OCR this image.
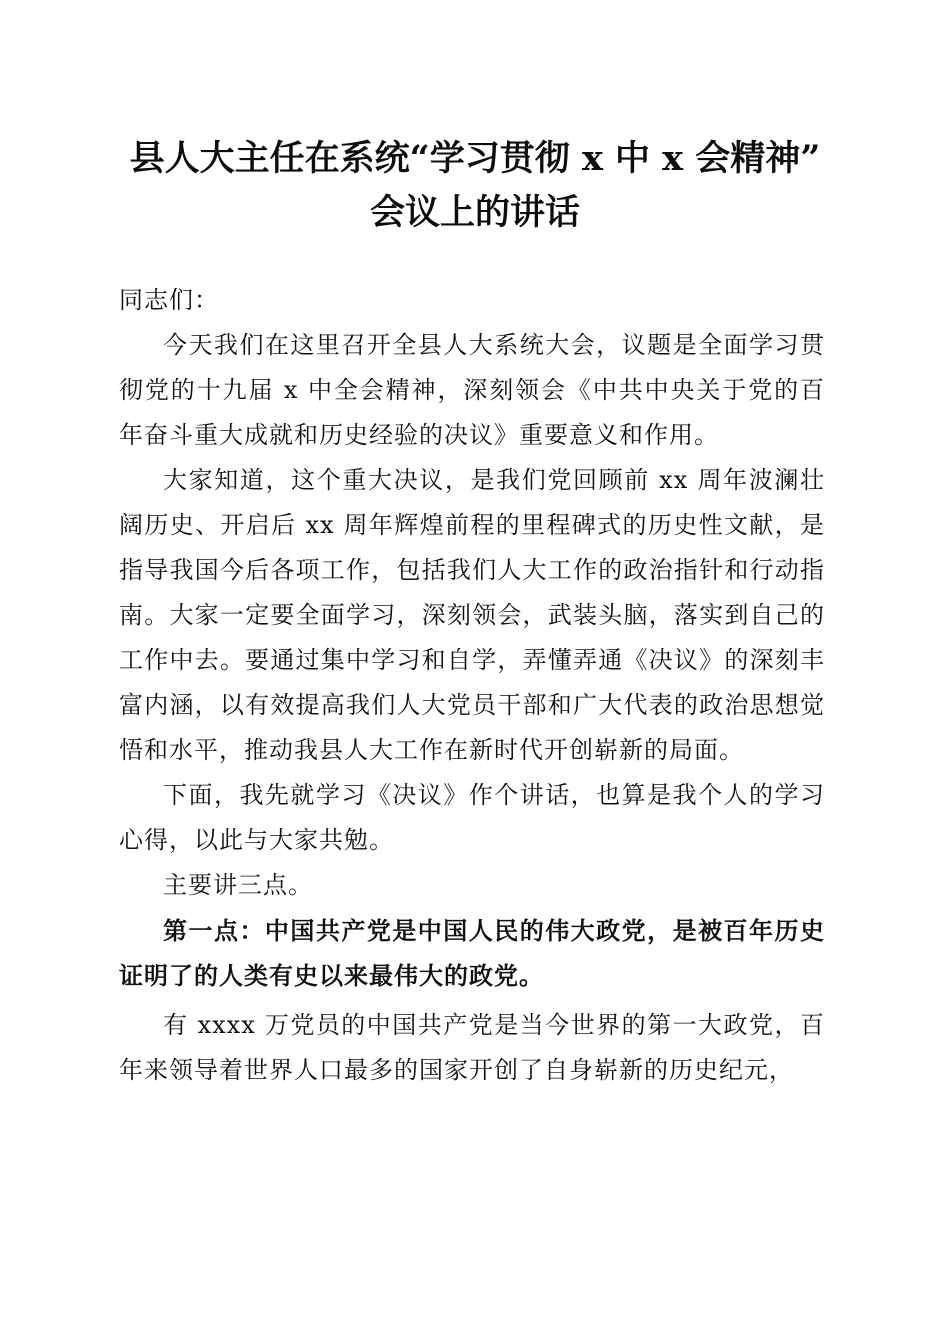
县人大主任在系统“学习贯彻 x 中 x 会精神”
会议上的讲话

同志们：

今天我们在这里召开全县人大系统大会，议题是全面学习贯彻党的十九届 x 中全会精神，深刻领会《中共中央关于党的百年奋斗重大成就和历史经验的决议》重要意义和作用。

大家知道，这个重大决议，是我们党回顾前 xx 周年波澜壮阔历史、开启后 xx 周年辉煌前程的里程碑式的历史性文献，是指导我国今后各项工作，包括我们人大工作的政治指针和行动指南。大家一定要全面学习，深刻领会，武装头脑，落实到自己的工作中去。要通过集中学习和自学，弄懂弄通《决议》的深刻丰富内涵，以有效提高我们人大党员干部和广大代表的政治思想觉悟和水平，推动我县人大工作在新时代开创崭新的局面。

下面，我先就学习《决议》作个讲话，也算是我个人的学习心得，以此与大家共勉。

主要讲三点。

第一点：中国共产党是中国人民的伟大政党，是被百年历史证明了的人类有史以来最伟大的政党。

有 xxxx 万党员的中国共产党是当今世界的第一大政党，百年来领导着世界人口最多的国家开创了自身崭新的历史纪元，
